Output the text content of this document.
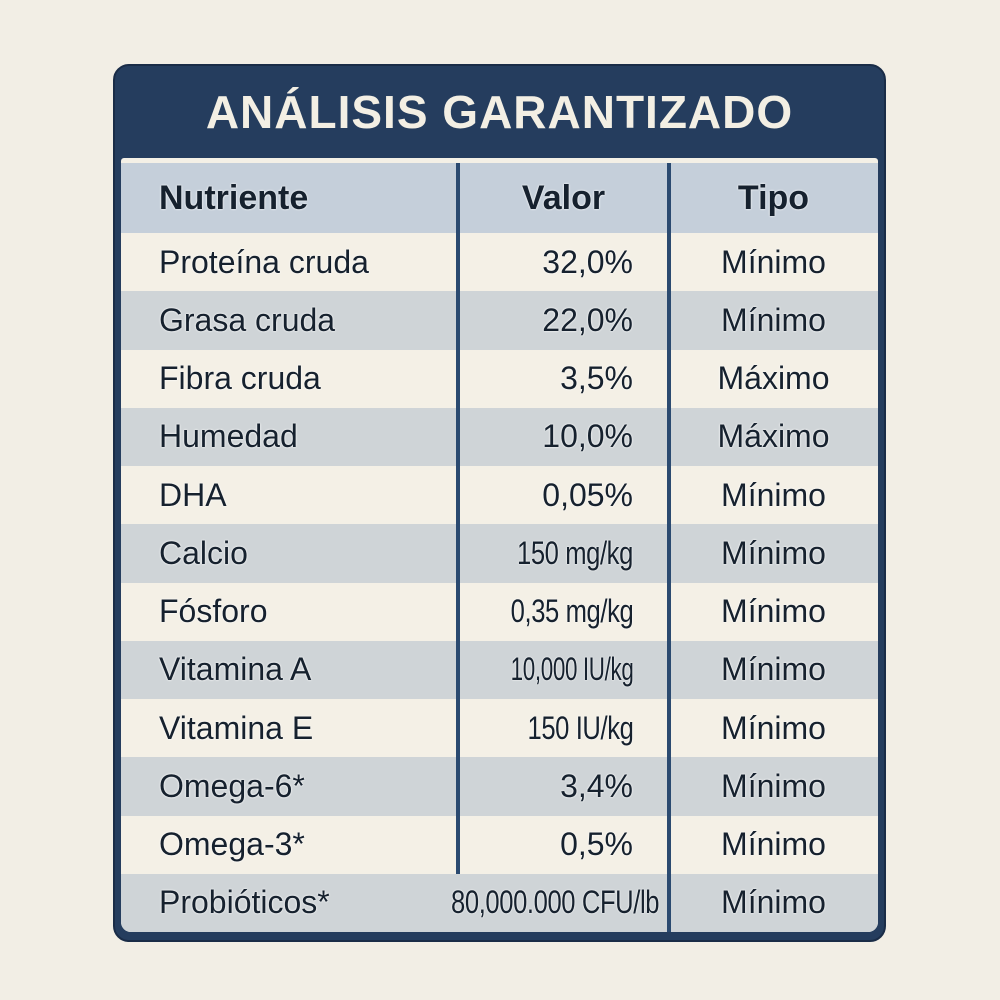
ANÁLISIS GARANTIZADO
Nutriente	Valor	Tipo
Proteína cruda	32,0%	Mínimo
Grasa cruda	22,0%	Mínimo
Fibra cruda	3,5%	Máximo
Humedad	10,0%	Máximo
DHA	0,05%	Mínimo
Calcio	150 mg/kg	Mínimo
Fósforo	0,35 mg/kg	Mínimo
Vitamina A	10,000 IU/kg	Mínimo
Vitamina E	150 IU/kg	Mínimo
Omega-6*	3,4%	Mínimo
Omega-3*	0,5%	Mínimo
Probióticos*	80,000.000 CFU/lb	Mínimo
